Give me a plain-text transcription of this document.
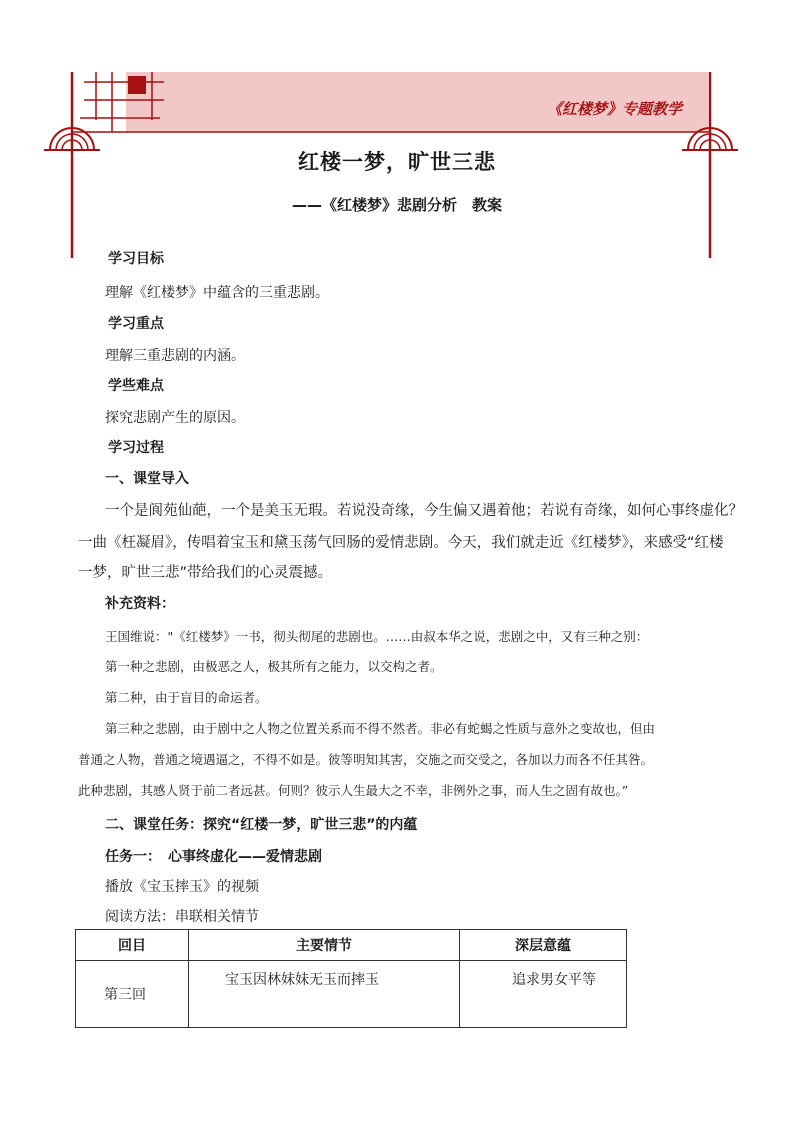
《红楼梦》专题教学
红楼一梦，旷世三悲
——《红楼梦》悲剧分析　教案
学习目标
理解《红楼梦》中蕴含的三重悲剧。
学习重点
理解三重悲剧的内涵。
学些难点
探究悲剧产生的原因。
学习过程
一、课堂导入
一个是阆苑仙葩，一个是美玉无瑕。若说没奇缘，今生偏又遇着他；若说有奇缘，如何心事终虚化？
一曲《枉凝眉》，传唱着宝玉和黛玉荡气回肠的爱情悲剧。今天，我们就走近《红楼梦》，来感受“红楼
一梦，旷世三悲”带给我们的心灵震撼。
补充资料：
王国维说："《红楼梦》一书，彻头彻尾的悲剧也。……由叔本华之说，悲剧之中，又有三种之别：
第一种之悲剧，由极恶之人，极其所有之能力，以交构之者。
第二种，由于盲目的命运者。
第三种之悲剧，由于剧中之人物之位置关系而不得不然者。非必有蛇蝎之性质与意外之变故也，但由
普通之人物，普通之境遇逼之，不得不如是。彼等明知其害，交施之而交受之，各加以力而各不任其咎。
此种悲剧，其感人贤于前二者远甚。何则？彼示人生最大之不幸，非例外之事，而人生之固有故也。”
二、课堂任务：探究“红楼一梦，旷世三悲”的内蕴
任务一：　心事终虚化——爱情悲剧
播放《宝玉摔玉》的视频
阅读方法：串联相关情节
回目	主要情节	深层意蕴
第三回	宝玉因林妹妹无玉而摔玉	追求男女平等
